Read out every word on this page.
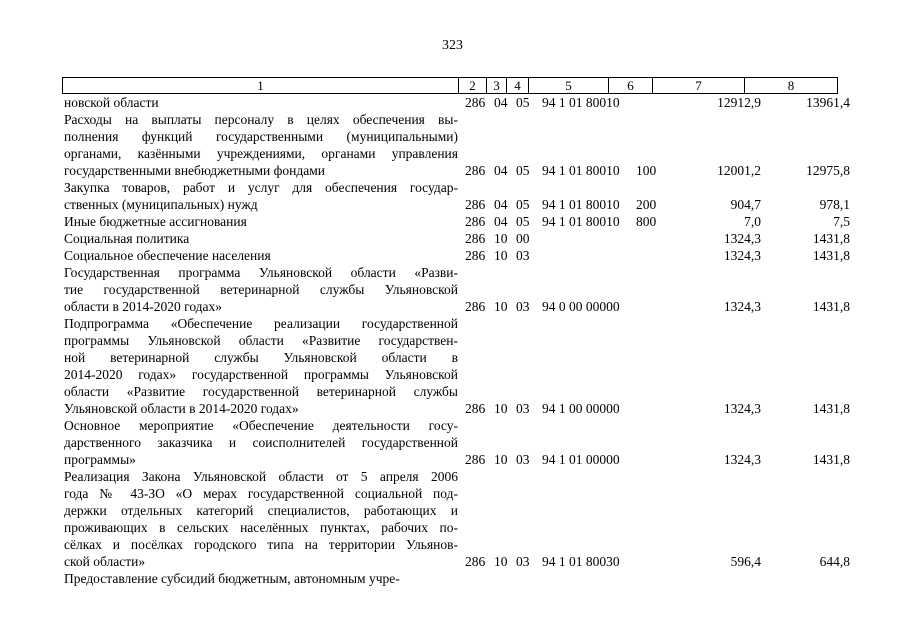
323
1	2	3	4	5	6	7	8
новской области	286 04 05 94 1 01 80010	12912,9	13961,4
Расходы на выплаты персоналу в целях обеспечения вы-
полнения функций государственными (муниципальными)
органами, казёнными учреждениями, органами управления
государственными внебюджетными фондами	286 04 05 94 1 01 80010 100	12001,2	12975,8
Закупка товаров, работ и услуг для обеспечения государ-
ственных (муниципальных) нужд	286 04 05 94 1 01 80010 200	904,7	978,1
Иные бюджетные ассигнования	286 04 05 94 1 01 80010 800	7,0	7,5
Социальная политика	286 10 00	1324,3	1431,8
Социальное обеспечение населения	286 10 03	1324,3	1431,8
Государственная программа Ульяновской области «Разви-
тие государственной ветеринарной службы Ульяновской
области в 2014-2020 годах»	286 10 03 94 0 00 00000	1324,3	1431,8
Подпрограмма «Обеспечение реализации государственной
программы Ульяновской области «Развитие государствен-
ной ветеринарной службы Ульяновской области в
2014-2020 годах» государственной программы Ульяновской
области «Развитие государственной ветеринарной службы
Ульяновской области в 2014-2020 годах»	286 10 03 94 1 00 00000	1324,3	1431,8
Основное мероприятие «Обеспечение деятельности госу-
дарственного заказчика и соисполнителей государственной
программы»	286 10 03 94 1 01 00000	1324,3	1431,8
Реализация Закона Ульяновской области от 5 апреля 2006
года № 43-ЗО «О мерах государственной социальной под-
держки отдельных категорий специалистов, работающих и
проживающих в сельских населённых пунктах, рабочих по-
сёлках и посёлках городского типа на территории Ульянов-
ской области»	286 10 03 94 1 01 80030	596,4	644,8
Предоставление субсидий бюджетным, автономным учре-
